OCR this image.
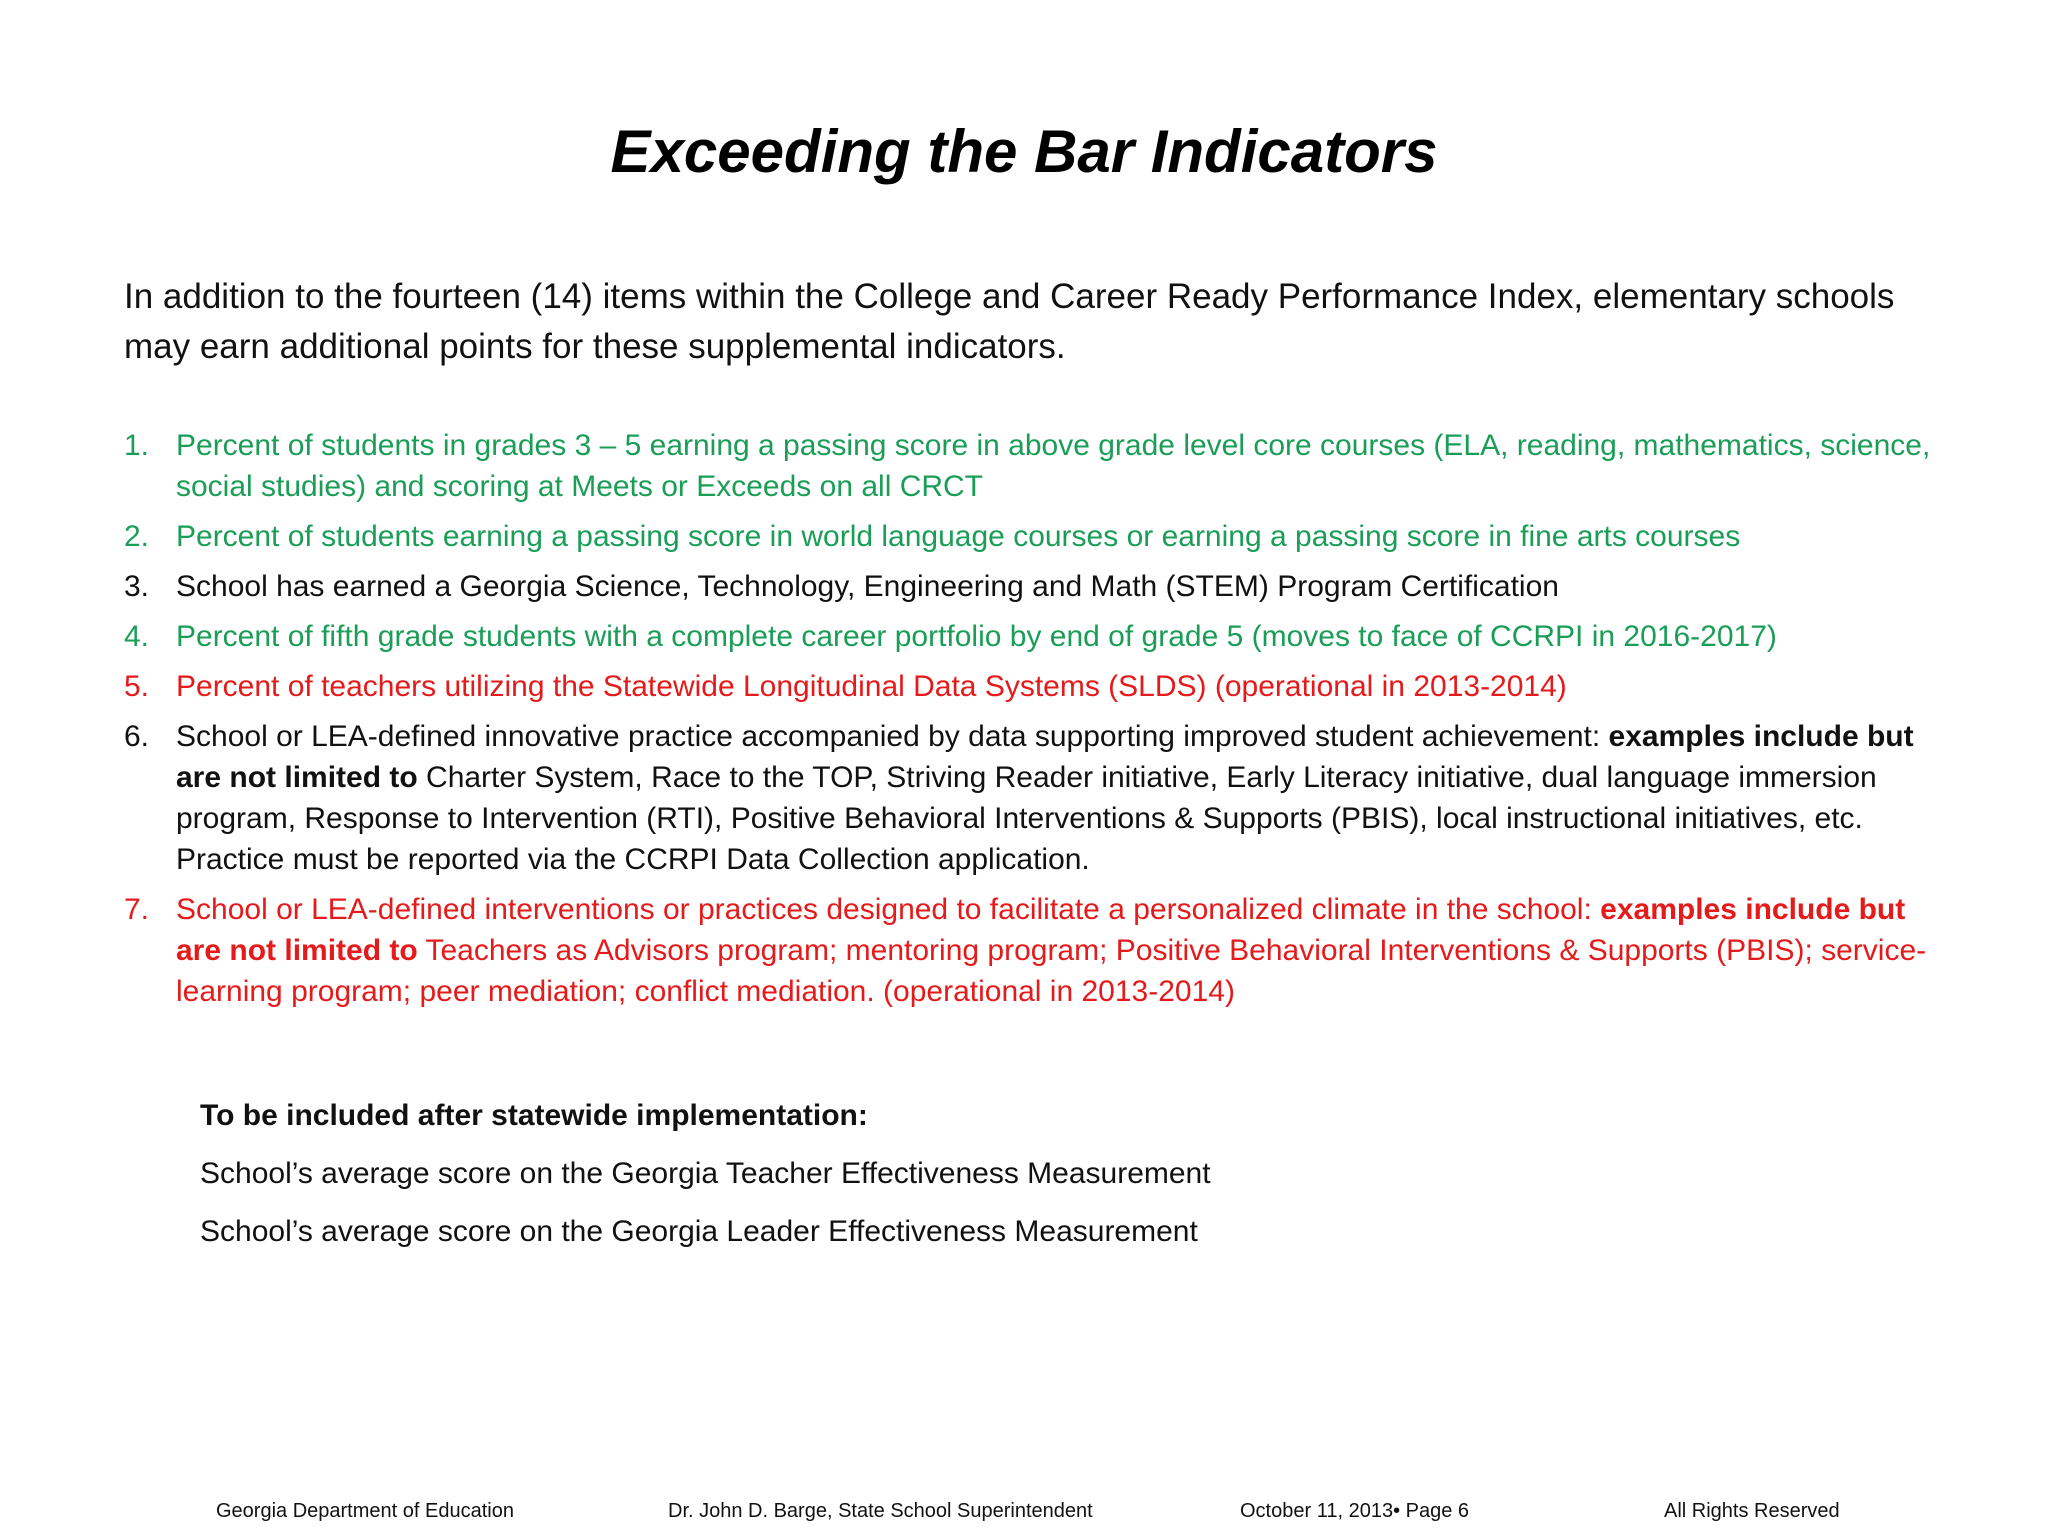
Exceeding the Bar Indicators

In addition to the fourteen (14) items within the College and Career Ready Performance Index, elementary schools may earn additional points for these supplemental indicators.

1. Percent of students in grades 3 – 5 earning a passing score in above grade level core courses (ELA, reading, mathematics, science, social studies) and scoring at Meets or Exceeds on all CRCT
2. Percent of students earning a passing score in world language courses or earning a passing score in fine arts courses
3. School has earned a Georgia Science, Technology, Engineering and Math (STEM) Program Certification
4. Percent of fifth grade students with a complete career portfolio by end of grade 5 (moves to face of CCRPI in 2016-2017)
5. Percent of teachers utilizing the Statewide Longitudinal Data Systems (SLDS) (operational in 2013-2014)
6. School or LEA-defined innovative practice accompanied by data supporting improved student achievement: examples include but are not limited to Charter System, Race to the TOP, Striving Reader initiative, Early Literacy initiative, dual language immersion program, Response to Intervention (RTI), Positive Behavioral Interventions & Supports (PBIS), local instructional initiatives, etc. Practice must be reported via the CCRPI Data Collection application.
7. School or LEA-defined interventions or practices designed to facilitate a personalized climate in the school: examples include but are not limited to Teachers as Advisors program; mentoring program; Positive Behavioral Interventions & Supports (PBIS); service-learning program; peer mediation; conflict mediation. (operational in 2013-2014)

To be included after statewide implementation:

School’s average score on the Georgia Teacher Effectiveness Measurement

School’s average score on the Georgia Leader Effectiveness Measurement

Georgia Department of Education	Dr. John D. Barge, State School Superintendent	October 11, 2013• Page 6	All Rights Reserved
